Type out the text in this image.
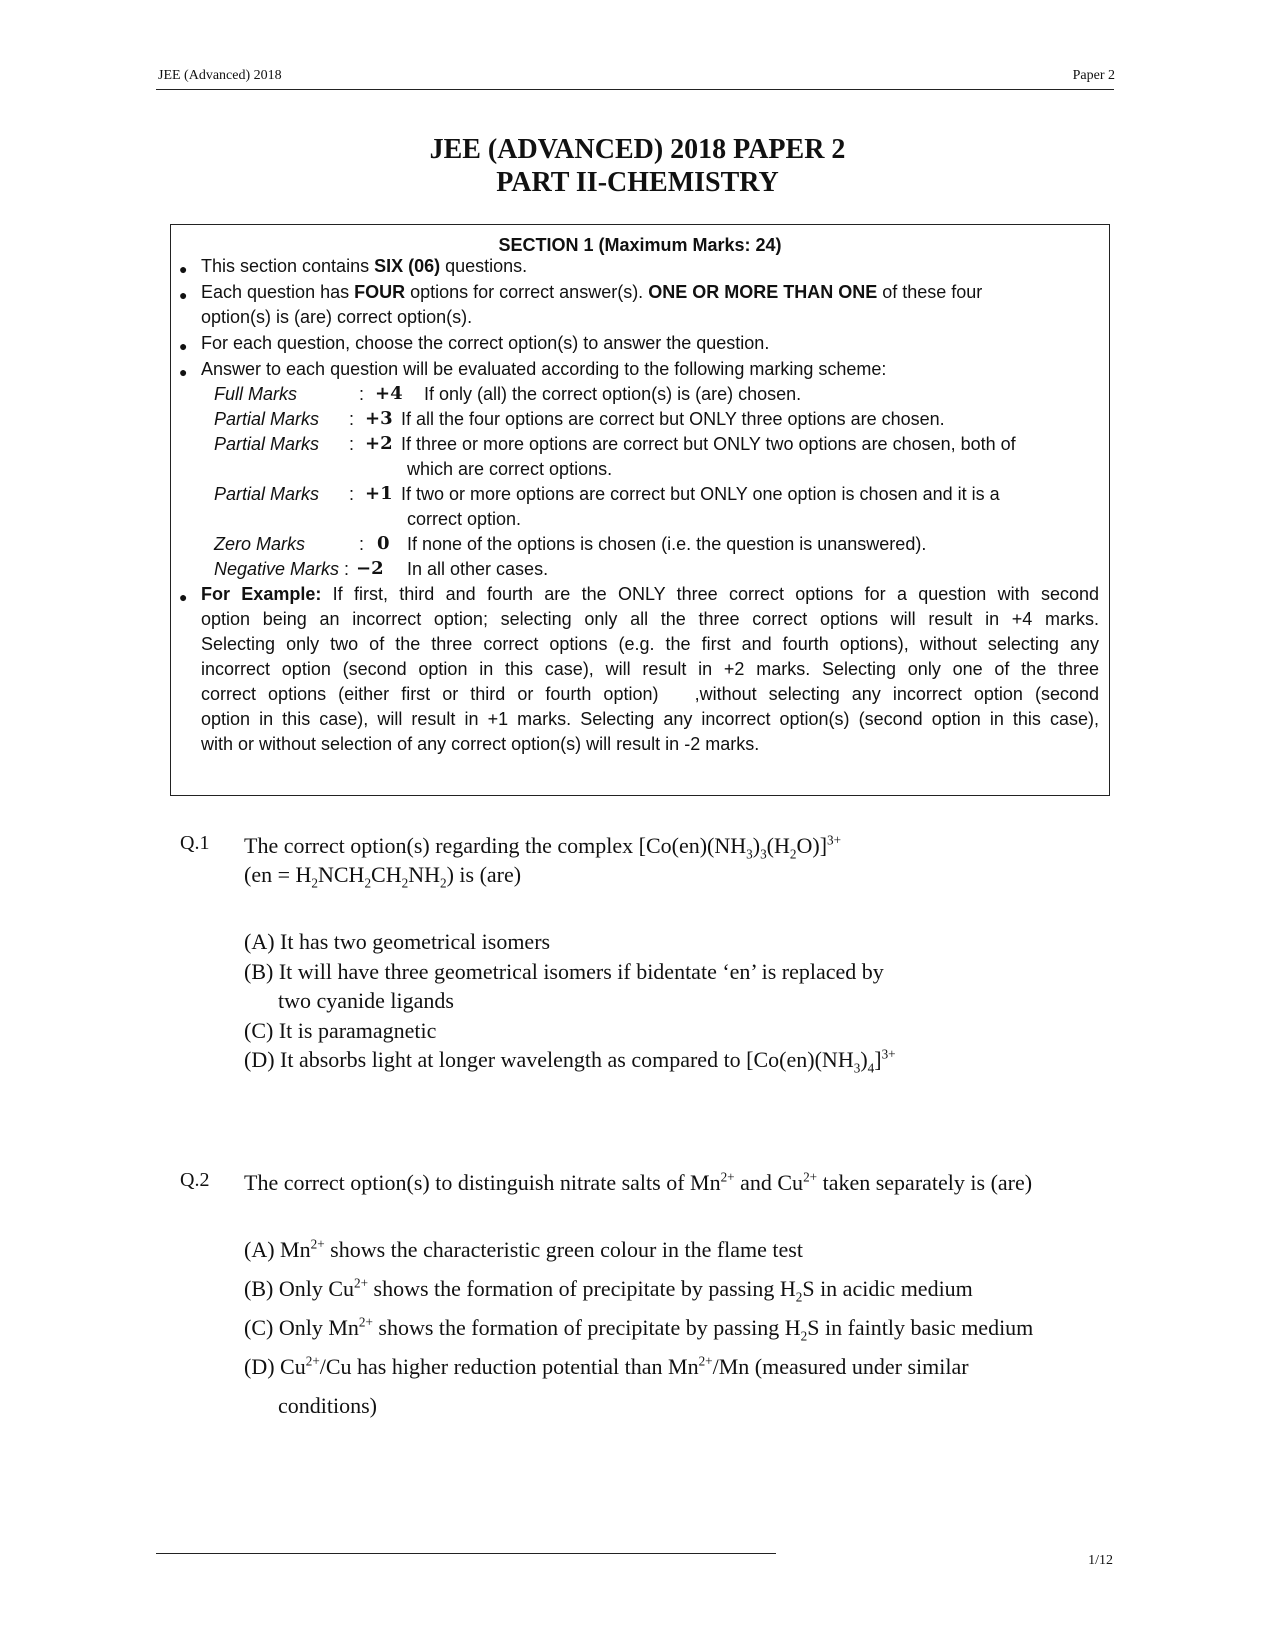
JEE (Advanced) 2018	Paper 2
JEE (ADVANCED) 2018 PAPER 2
PART II-CHEMISTRY
SECTION 1 (Maximum Marks: 24)
● This section contains SIX (06) questions.
● Each question has FOUR options for correct answer(s). ONE OR MORE THAN ONE of these four
option(s) is (are) correct option(s).
● For each question, choose the correct option(s) to answer the question.
● Answer to each question will be evaluated according to the following marking scheme:
Full Marks	: +4 If only (all) the correct option(s) is (are) chosen.
Partial Marks : +3 If all the four options are correct but ONLY three options are chosen.
Partial Marks : +2 If three or more options are correct but ONLY two options are chosen, both of
which are correct options.
Partial Marks : +1 If two or more options are correct but ONLY one option is chosen and it is a
correct option.
Zero Marks	: 0 If none of the options is chosen (i.e. the question is unanswered).
Negative Marks : −2 In all other cases.
● For Example: If first, third and fourth are the ONLY three correct options for a question with second
option being an incorrect option; selecting only all the three correct options will result in +4 marks.
Selecting only two of the three correct options (e.g. the first and fourth options), without selecting any
incorrect option (second option in this case), will result in +2 marks. Selecting only one of the three
correct options (either first or third or fourth option) ,without selecting any incorrect option (second
option in this case), will result in +1 marks. Selecting any incorrect option(s) (second option in this case),
with or without selection of any correct option(s) will result in -2 marks.
Q.1 The correct option(s) regarding the complex $[Co(en)(NH_3)_3(H_2O)]^{3+}$
$(en = H_2NCH_2CH_2NH_2)$ is (are)
(A) It has two geometrical isomers
(B) It will have three geometrical isomers if bidentate ‘en’ is replaced by
two cyanide ligands
(C) It is paramagnetic
(D) It absorbs light at longer wavelength as compared to $[Co(en)(NH_3)_4]^{3+}$
Q.2 The correct option(s) to distinguish nitrate salts of $Mn^{2+}$ and $Cu^{2+}$ taken separately is (are)
(A) $Mn^{2+}$ shows the characteristic green colour in the flame test
(B) Only $Cu^{2+}$ shows the formation of precipitate by passing $H_2S$ in acidic medium
(C) Only $Mn^{2+}$ shows the formation of precipitate by passing $H_2S$ in faintly basic medium
(D) $Cu^{2+}/Cu$ has higher reduction potential than $Mn^{2+}/Mn$ (measured under similar
conditions)
1/12
